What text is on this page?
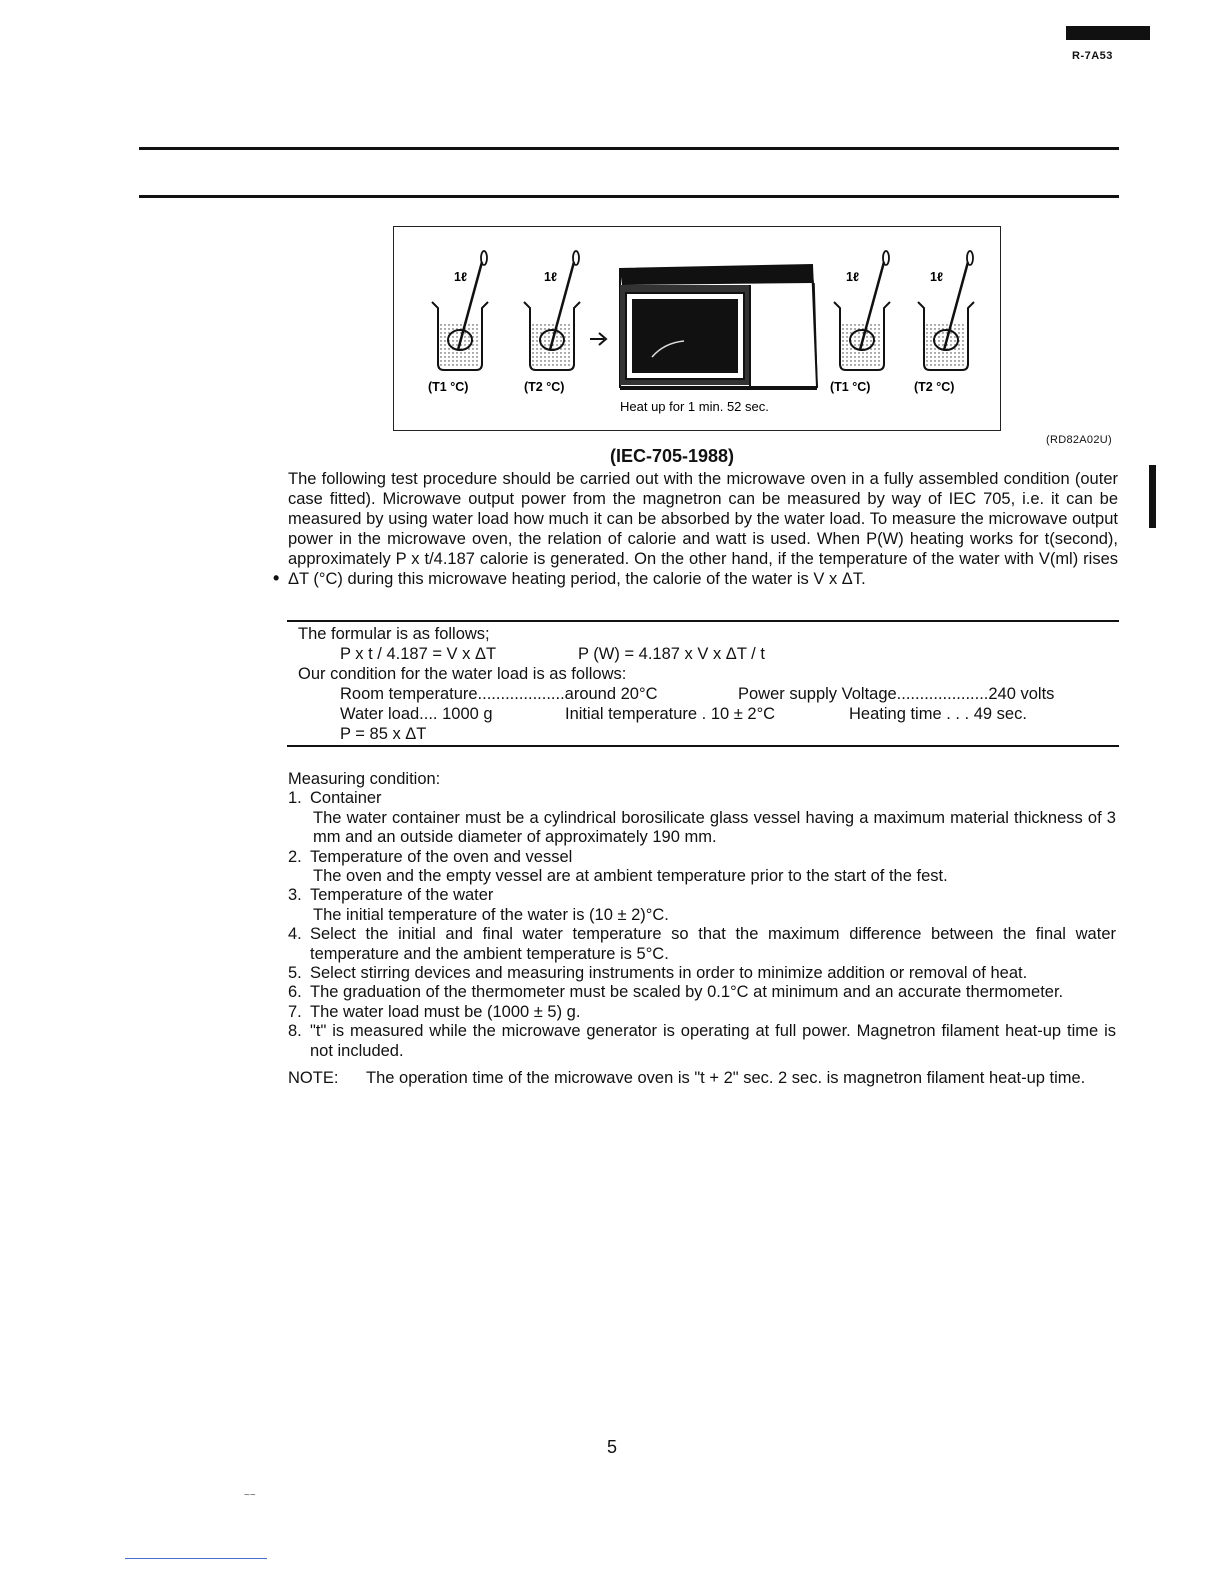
R-7A53
1ℓ	1ℓ	1ℓ	1ℓ
(T1 °C)	(T2 °C)	(T1 °C)	(T2 °C)
Heat up for 1 min. 52 sec.
(RD82A02U)
(IEC-705-1988)
•
The following test procedure should be carried out with the microwave oven in a fully assembled condition (outer case fitted). Microwave output power from the magnetron can be measured by way of IEC 705, i.e. it can be measured by using water load how much it can be absorbed by the water load. To measure the microwave output power in the microwave oven, the relation of calorie and watt is used. When P(W) heating works for t(second), approximately P x t/4.187 calorie is generated. On the other hand, if the temperature of the water with V(ml) rises ΔT (°C) during this microwave heating period, the calorie of the water is V x ΔT.
The formular is as follows;
P x t / 4.187 = V x ΔT	P (W) = 4.187 x V x ΔT / t
Our condition for the water load is as follows:
Room temperature...................around 20°C	Power supply Voltage....................240 volts
Water load.... 1000 g	Initial temperature . 10 ± 2°C	Heating time . . . 49 sec.
P = 85 x ΔT
Measuring condition:
1. Container
The water container must be a cylindrical borosilicate glass vessel having a maximum material thickness of 3 mm and an outside diameter of approximately 190 mm.
2. Temperature of the oven and vessel
The oven and the empty vessel are at ambient temperature prior to the start of the fest.
3. Temperature of the water
The initial temperature of the water is (10 ± 2)°C.
4. Select the initial and final water temperature so that the maximum difference between the final water temperature and the ambient temperature is 5°C.
5. Select stirring devices and measuring instruments in order to minimize addition or removal of heat.
6. The graduation of the thermometer must be scaled by 0.1°C at minimum and an accurate thermometer.
7. The water load must be (1000 ± 5) g.
8. "t" is measured while the microwave generator is operating at full power. Magnetron filament heat-up time is not included.
NOTE:	The operation time of the microwave oven is "t + 2" sec. 2 sec. is magnetron filament heat-up time.
5
~~
